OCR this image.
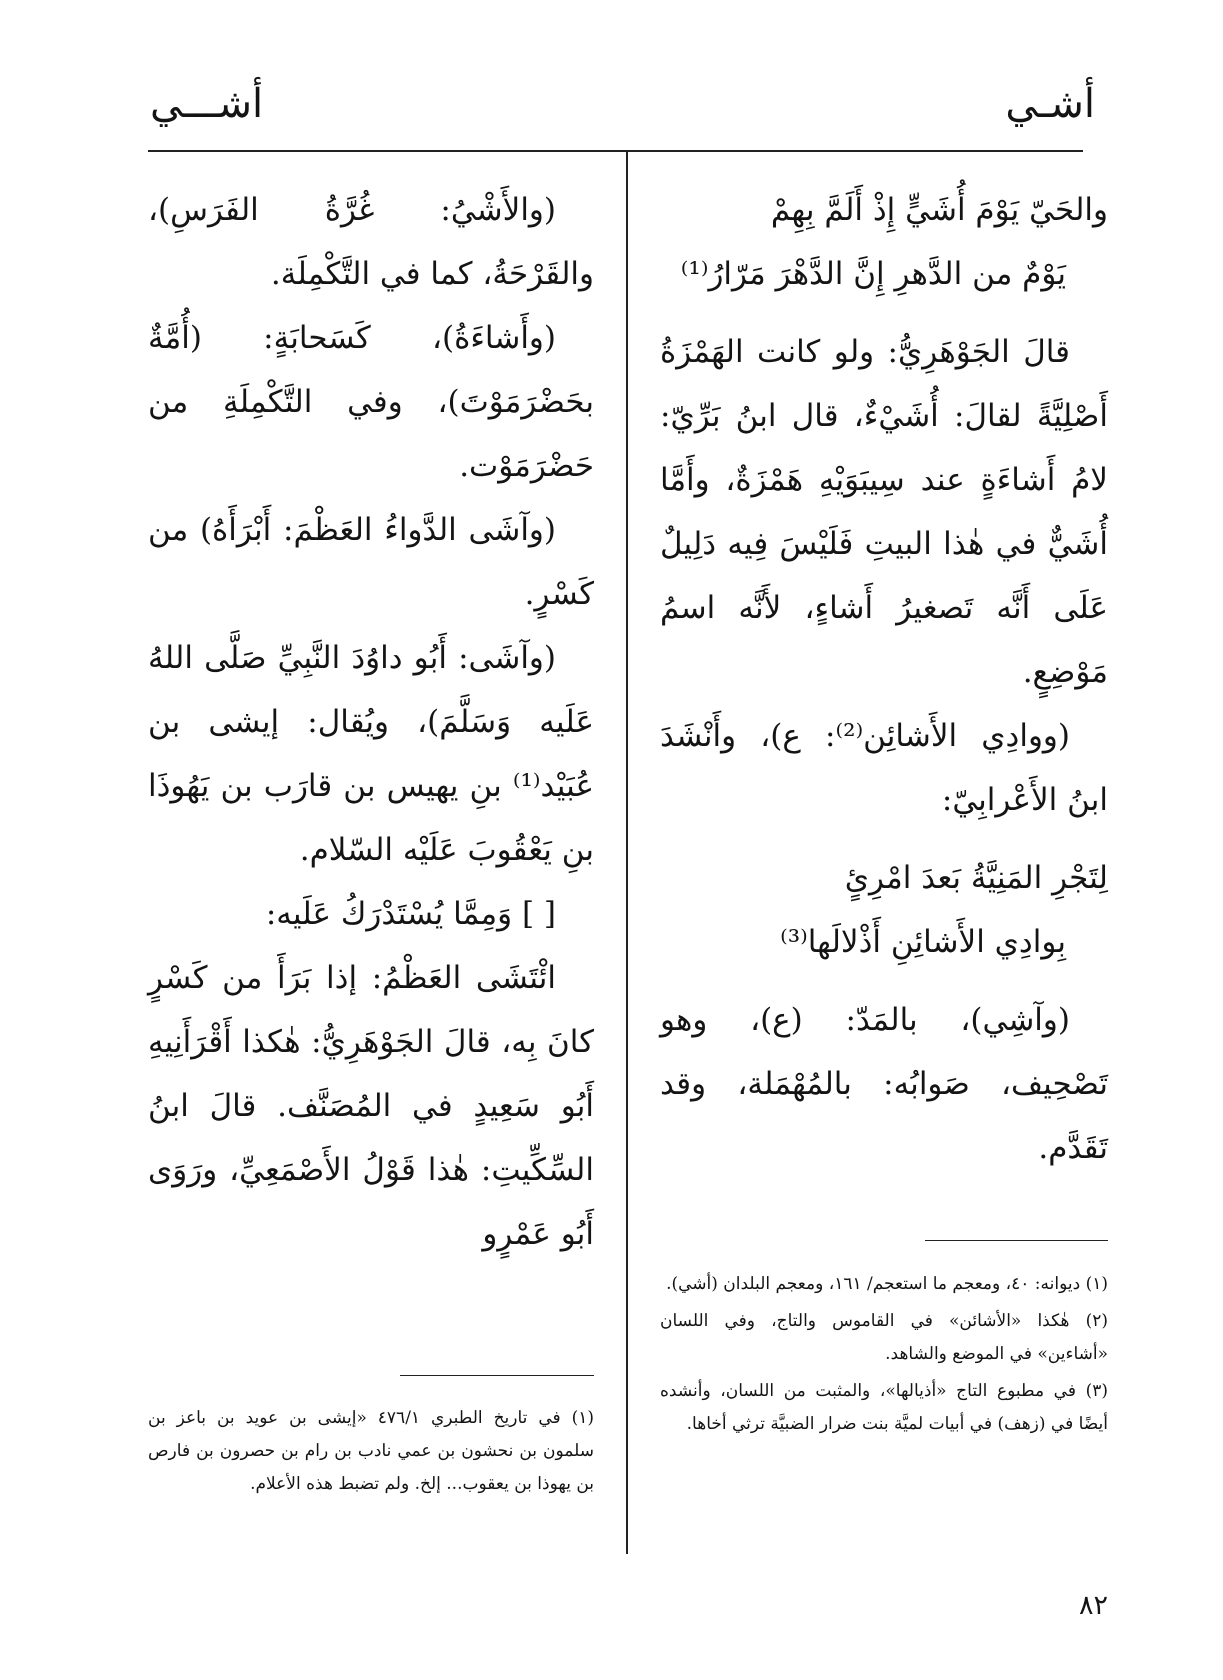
أشـي
أشـــي

والحَيّ يَوْمَ أُشَيٍّ إِذْ أَلَمَّ بِهِمْ

يَوْمٌ من الدَّهرِ إِنَّ الدَّهْرَ مَرّارُ⁽¹⁾

قالَ الجَوْهَرِيُّ: ولو كانت الهَمْزَةُ أَصْلِيَّةً لقالَ: أُشَيْءٌ، قال ابنُ بَرِّيّ: لامُ أَشاءَةٍ عند سِيبَوَيْهِ هَمْزَةٌ، وأَمَّا أُشَيٌّ في هٰذا البيتِ فَلَيْسَ فِيه دَلِيلٌ عَلَى أَنَّه تَصغيرُ أَشاءٍ، لأَنَّه اسمُ مَوْضِعٍ.

(ووادِي الأَشائِن⁽²⁾: ع)، وأَنْشَدَ ابنُ الأَعْرابِيّ:

لِتَجْرِ المَنِيَّةُ بَعدَ امْرِئٍ

بِوادِي الأَشائِنِ أَذْلالَها⁽³⁾

(وآشِي)، بالمَدّ: (ع)، وهو تَصْحِيف، صَوابُه: بالمُهْمَلة، وقد تَقَدَّم.

(١) ديوانه: ٤٠، ومعجم ما استعجم/ ١٦١، ومعجم البلدان (أشي).

(٢) هٰكذا «الأشائن» في القاموس والتاج، وفي اللسان «أشاءين» في الموضع والشاهد.

(٣) في مطبوع التاج «أذيالها»، والمثبت من اللسان، وأنشده أيضًا في (زهف) في أبيات لميَّة بنت ضرار الضبيَّة ترثي أخاها.

(والأَشْيُ: غُرَّةُ الفَرَسِ)، والقَرْحَةُ، كما في التَّكْمِلَة.

(وأَشاءَةُ)، كَسَحابَةٍ: (أُمَّةٌ بحَضْرَمَوْتَ)، وفي التَّكْمِلَةِ من حَضْرَمَوْت.

(وآشَى الدَّواءُ العَظْمَ: أَبْرَأَهُ) من كَسْرٍ.

(وآشَى: أَبُو داوُدَ النَّبِيِّ صَلَّى اللهُ عَلَيه وَسَلَّمَ)، ويُقال: إيشى بن عُبَيْد⁽¹⁾ بنِ يهيس بن قارَب بن يَهُوذَا بنِ يَعْقُوبَ عَلَيْه السّلام.

[ ] وَمِمَّا يُسْتَدْرَكُ عَلَيه:

ائْتَشَى العَظْمُ: إذا بَرَأَ من كَسْرٍ كانَ بِه، قالَ الجَوْهَرِيُّ: هٰكذا أَقْرَأَنِيهِ أَبُو سَعِيدٍ في المُصَنَّف. قالَ ابنُ السِّكِّيتِ: هٰذا قَوْلُ الأَصْمَعِيِّ، ورَوَى أَبُو عَمْرٍو

(١) في تاريخ الطبري ٤٧٦/١ «إيشى بن عويد بن باعز بن سلمون بن نحشون بن عمي نادب بن رام بن حصرون بن فارص بن يهوذا بن يعقوب... إلخ. ولم تضبط هذه الأعلام.

٨٢
